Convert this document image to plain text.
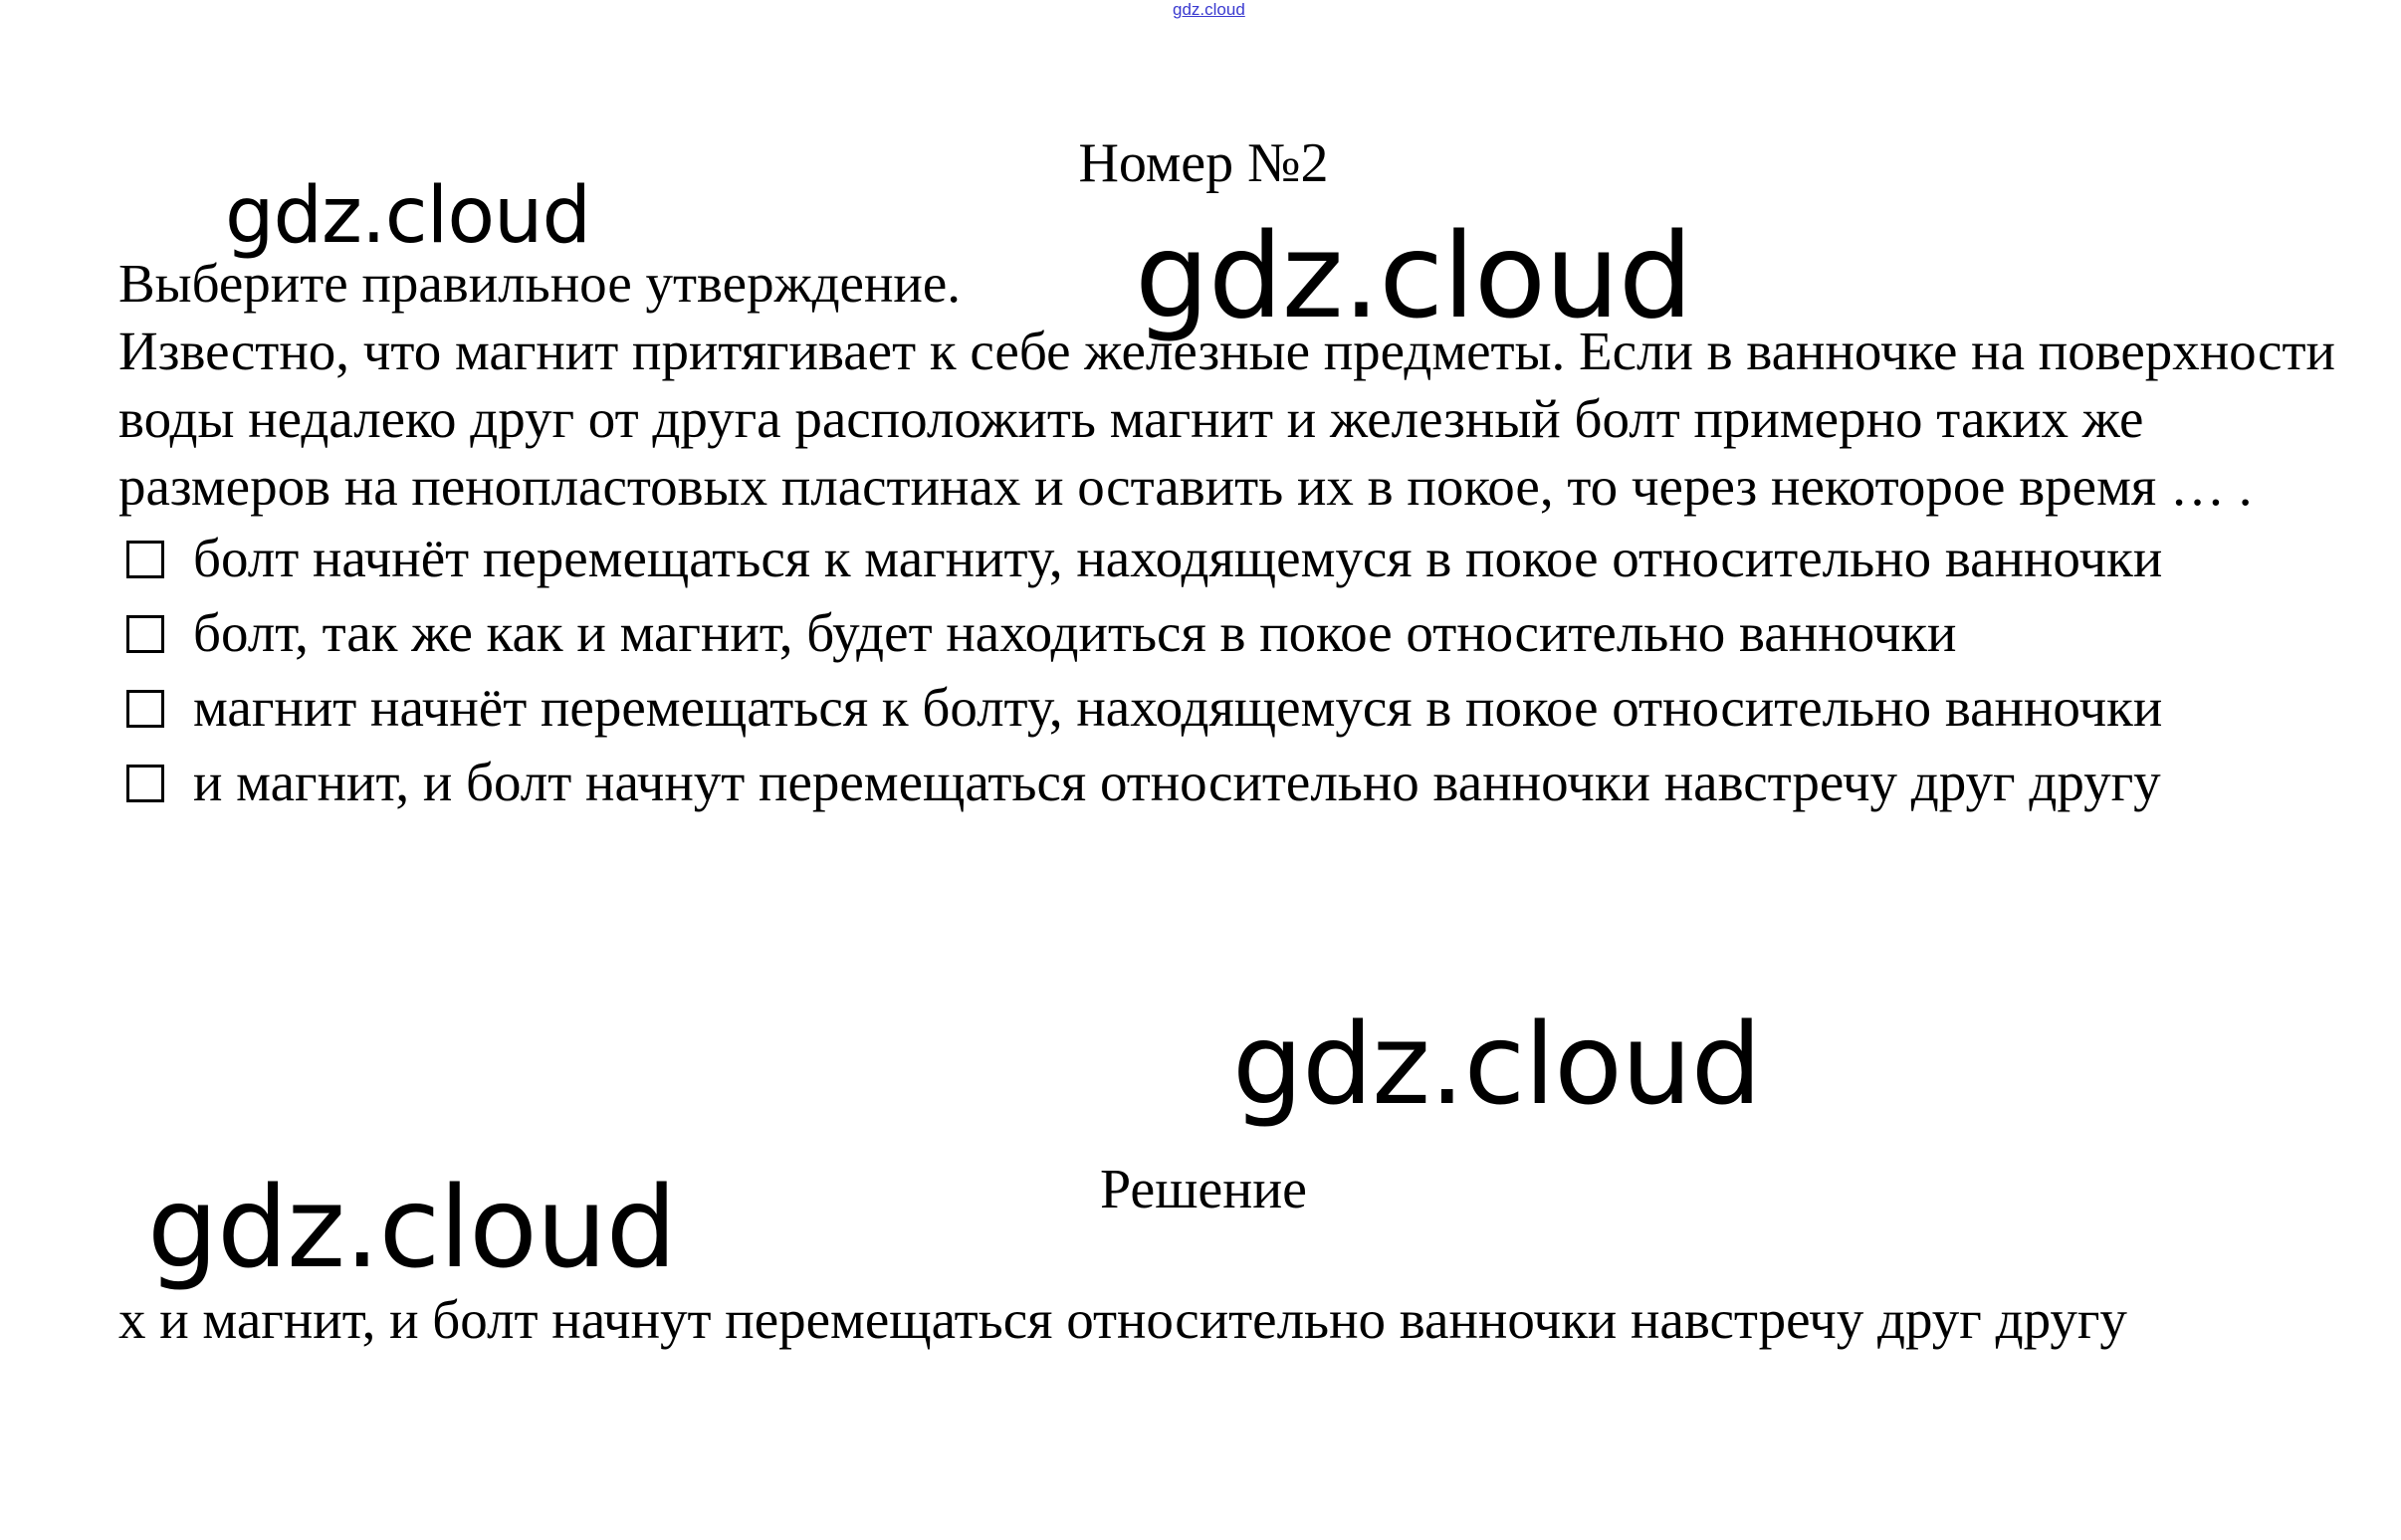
gdz.cloud
Номер №2

Выберите правильное утверждение.

Известно, что магнит притягивает к себе железные предметы. Если в ванночке на поверхности воды недалеко друг от друга расположить магнит и железный болт примерно таких же размеров на пенопластовых пластинах и оставить их в покое, то через некоторое время … .

болт начнёт перемещаться к магниту, находящемуся в покое относительно ванночки

болт, так же как и магнит, будет находиться в покое относительно ванночки

магнит начнёт перемещаться к болту, находящемуся в покое относительно ванночки

и магнит, и болт начнут перемещаться относительно ванночки навстречу друг другу

Решение
х и магнит, и болт начнут перемещаться относительно ванночки навстречу друг другу
gdz.cloud	gdz.cloud
gdz.cloud
gdz.cloud
